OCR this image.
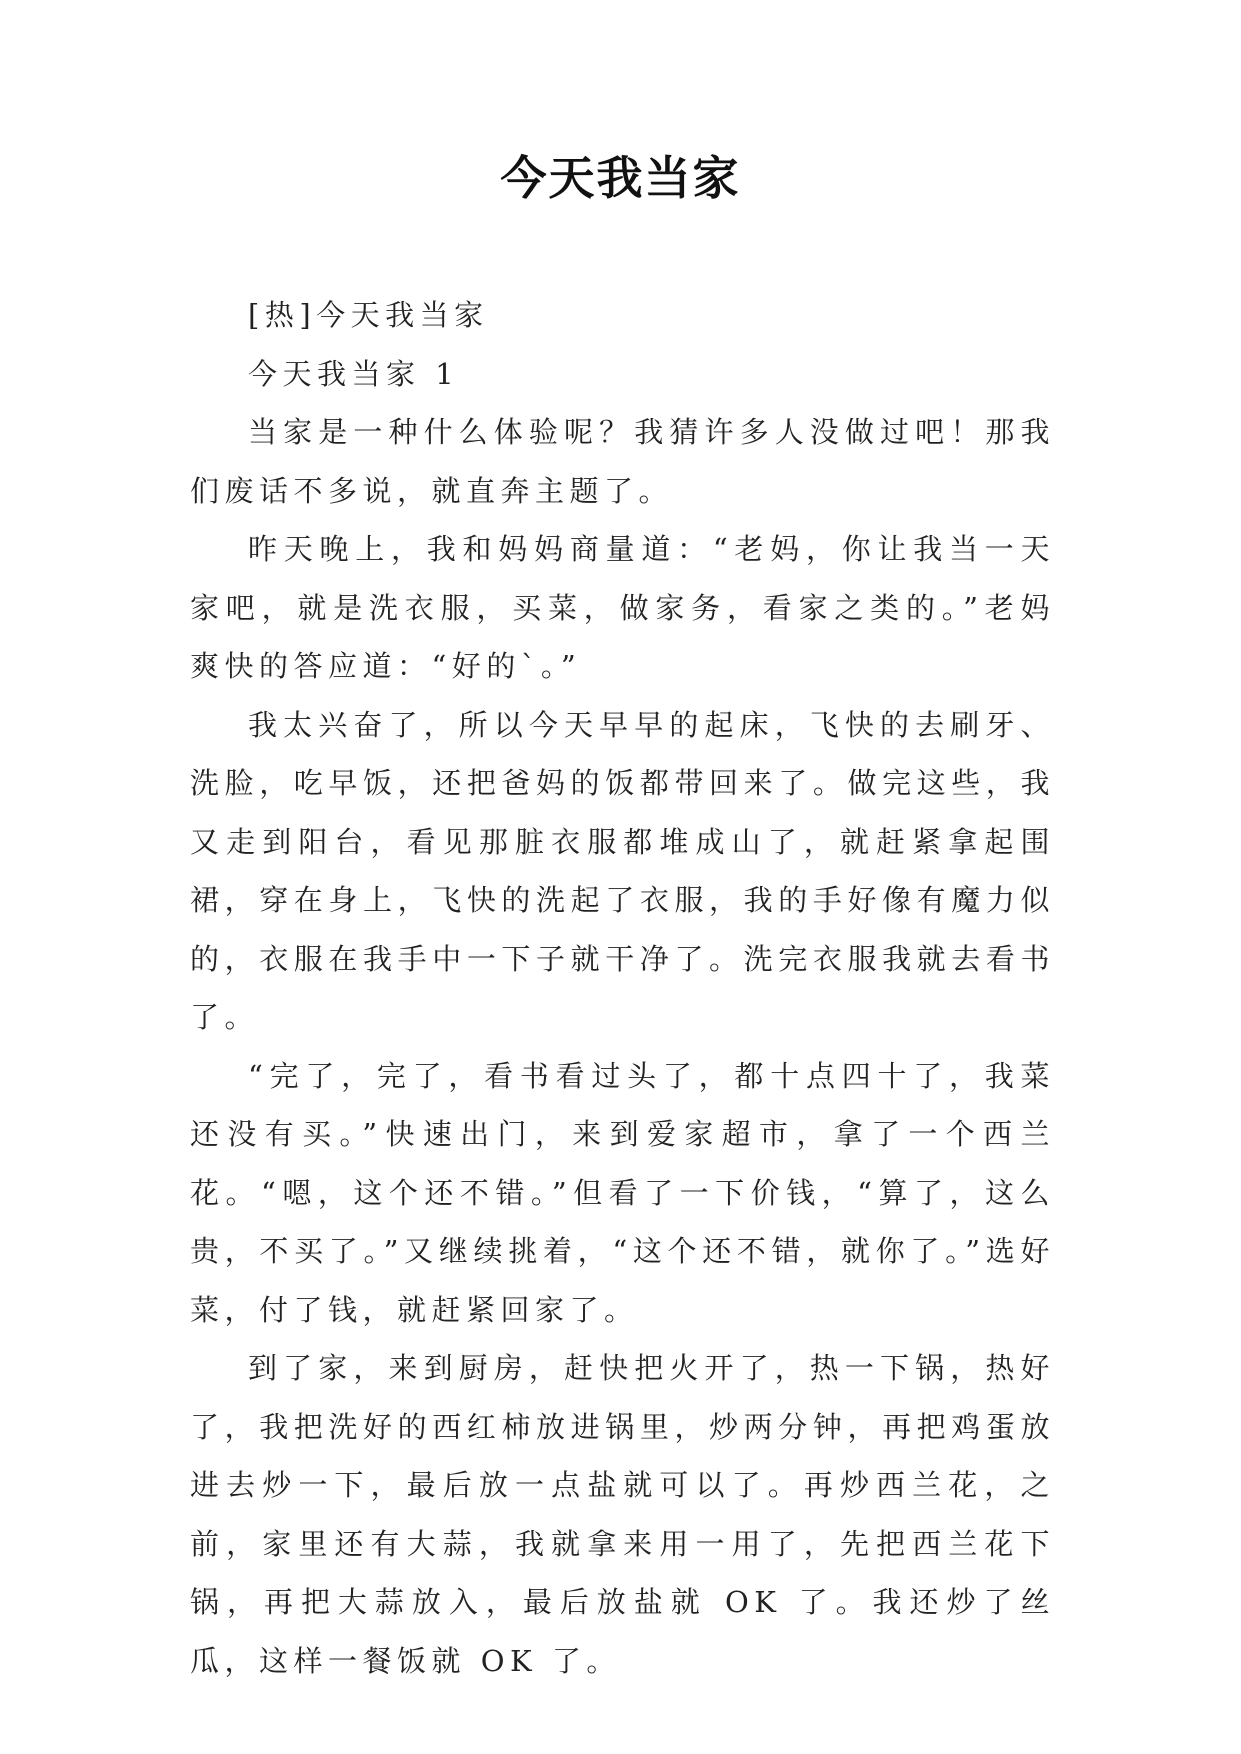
今天我当家

[热]今天我当家

今天我当家 1

当家是一种什么体验呢？我猜许多人没做过吧！那我们废话不多说，就直奔主题了。

昨天晚上，我和妈妈商量道：“老妈，你让我当一天家吧，就是洗衣服，买菜，做家务，看家之类的。”老妈爽快的答应道：“好的`。”

我太兴奋了，所以今天早早的起床，飞快的去刷牙、洗脸，吃早饭，还把爸妈的饭都带回来了。做完这些，我又走到阳台，看见那脏衣服都堆成山了，就赶紧拿起围裙，穿在身上，飞快的洗起了衣服，我的手好像有魔力似的，衣服在我手中一下子就干净了。洗完衣服我就去看书了。

“完了，完了，看书看过头了，都十点四十了，我菜还没有买。”快速出门，来到爱家超市，拿了一个西兰花。“嗯，这个还不错。”但看了一下价钱，“算了，这么贵，不买了。”又继续挑着，“这个还不错，就你了。”选好菜，付了钱，就赶紧回家了。

到了家，来到厨房，赶快把火开了，热一下锅，热好了，我把洗好的西红柿放进锅里，炒两分钟，再把鸡蛋放进去炒一下，最后放一点盐就可以了。再炒西兰花，之前，家里还有大蒜，我就拿来用一用了，先把西兰花下锅，再把大蒜放入，最后放盐就 OK 了。我还炒了丝瓜，这样一餐饭就 OK 了。
